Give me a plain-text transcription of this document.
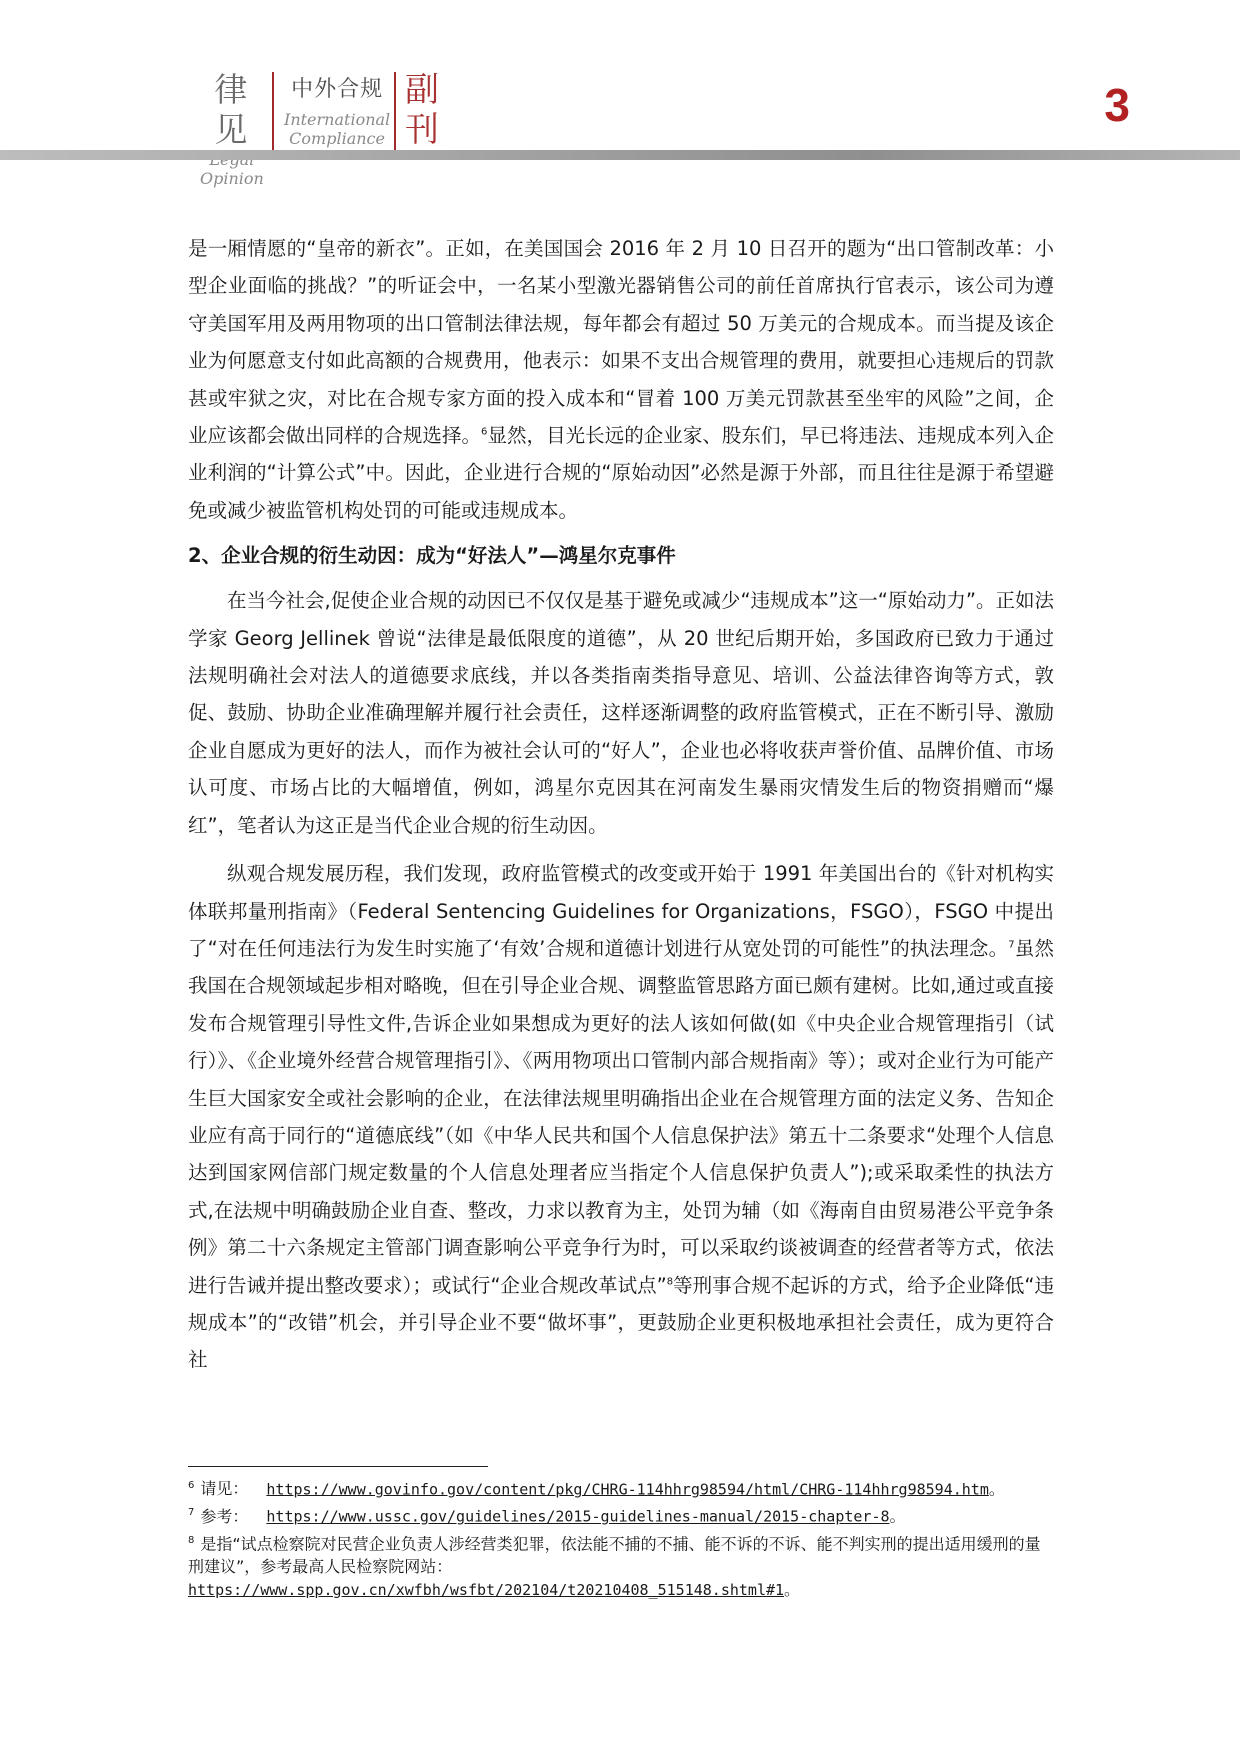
律见
Opinion
中外合规
International
Compliance
副
刊	3

是一厢情愿的“皇帝的新衣”。正如，在美国国会 2016 年 2 月 10 日召开的题为“出口管制改革：小型企业面临的挑战？”的听证会中，一名某小型激光器销售公司的前任首席执行官表示，该公司为遵守美国军用及两用物项的出口管制法律法规，每年都会有超过 50 万美元的合规成本。而当提及该企业为何愿意支付如此高额的合规费用，他表示：如果不支出合规管理的费用，就要担心违规后的罚款甚或牢狱之灾，对比在合规专家方面的投入成本和“冒着 100 万美元罚款甚至坐牢的风险”之间，企业应该都会做出同样的合规选择。$^6$显然，目光长远的企业家、股东们，早已将违法、违规成本列入企业利润的“计算公式”中。因此，企业进行合规的“原始动因”必然是源于外部，而且往往是源于希望避免或减少被监管机构处罚的可能或违规成本。

2、企业合规的衍生动因：成为“好法人”—鸿星尔克事件

在当今社会,促使企业合规的动因已不仅仅是基于避免或减少“违规成本”这一“原始动力”。正如法学家 Georg Jellinek 曾说“法律是最低限度的道德”，从 20 世纪后期开始，多国政府已致力于通过法规明确社会对法人的道德要求底线，并以各类指南类指导意见、培训、公益法律咨询等方式，敦促、鼓励、协助企业准确理解并履行社会责任，这样逐渐调整的政府监管模式，正在不断引导、激励企业自愿成为更好的法人，而作为被社会认可的“好人”，企业也必将收获声誉价值、品牌价值、市场认可度、市场占比的大幅增值，例如，鸿星尔克因其在河南发生暴雨灾情发生后的物资捐赠而“爆红”，笔者认为这正是当代企业合规的衍生动因。

纵观合规发展历程，我们发现，政府监管模式的改变或开始于 1991 年美国出台的《针对机构实体联邦量刑指南》（Federal Sentencing Guidelines for Organizations，FSGO），FSGO 中提出了“对在任何违法行为发生时实施了‘有效’合规和道德计划进行从宽处罚的可能性”的执法理念。$^7$虽然我国在合规领域起步相对略晚，但在引导企业合规、调整监管思路方面已颇有建树。比如,通过或直接发布合规管理引导性文件,告诉企业如果想成为更好的法人该如何做(如《中央企业合规管理指引（试行）》、《企业境外经营合规管理指引》、《两用物项出口管制内部合规指南》等）；或对企业行为可能产生巨大国家安全或社会影响的企业，在法律法规里明确指出企业在合规管理方面的法定义务、告知企业应有高于同行的“道德底线”（如《中华人民共和国个人信息保护法》第五十二条要求“处理个人信息达到国家网信部门规定数量的个人信息处理者应当指定个人信息保护负责人”);或采取柔性的执法方式,在法规中明确鼓励企业自查、整改，力求以教育为主，处罚为辅（如《海南自由贸易港公平竞争条例》第二十六条规定主管部门调查影响公平竞争行为时，可以采取约谈被调查的经营者等方式，依法进行告诫并提出整改要求）；或试行“企业合规改革试点”$^8$等刑事合规不起诉的方式，给予企业降低“违规成本”的“改错”机会，并引导企业不要“做坏事”，更鼓励企业更积极地承担社会责任，成为更符合社

$^6$ 请见： https://www.govinfo.gov/content/pkg/CHRG-114hhrg98594/html/CHRG-114hhrg98594.htm。

$^7$ 参考： https://www.ussc.gov/guidelines/2015-guidelines-manual/2015-chapter-8。

$^8$ 是指“试点检察院对民营企业负责人涉经营类犯罪，依法能不捕的不捕、能不诉的不诉、能不判实刑的提出适用缓刑的量刑建议”，参考最高人民检察院网站：
https://www.spp.gov.cn/xwfbh/wsfbt/202104/t20210408_515148.shtml#1。
